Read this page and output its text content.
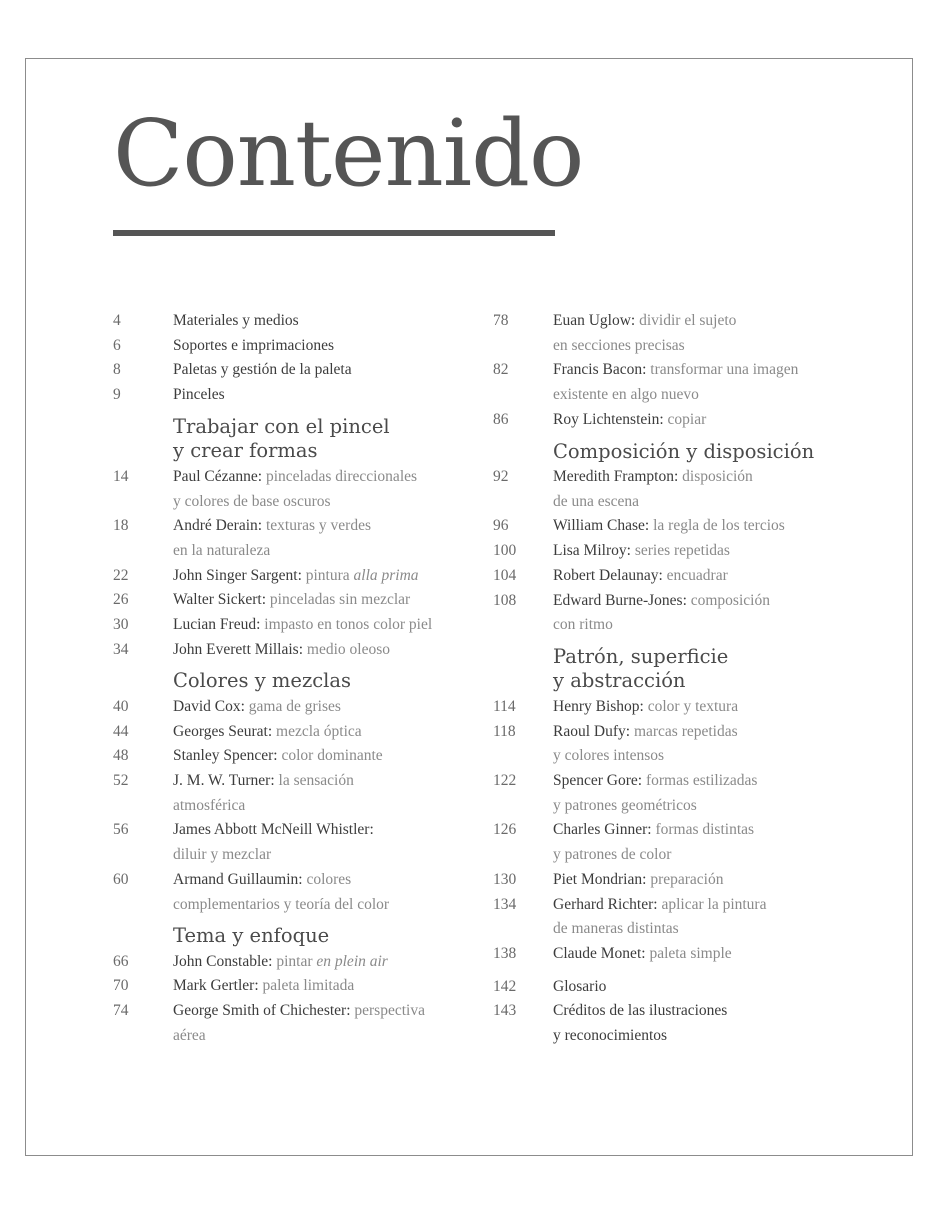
Contenido
4	Materiales y medios
6	Soportes e imprimaciones
8	Paletas y gestión de la paleta
9	Pinceles
Trabajar con el pincel
y crear formas
14	Paul Cézanne: pinceladas direccionales
y colores de base oscuros
18	André Derain: texturas y verdes
en la naturaleza
22	John Singer Sargent: pintura alla prima
26	Walter Sickert: pinceladas sin mezclar
30	Lucian Freud: impasto en tonos color piel
34	John Everett Millais: medio oleoso
Colores y mezclas
40	David Cox: gama de grises
44	Georges Seurat: mezcla óptica
48	Stanley Spencer: color dominante
52	J. M. W. Turner: la sensación
atmosférica
56	James Abbott McNeill Whistler:
diluir y mezclar
60	Armand Guillaumin: colores
complementarios y teoría del color
Tema y enfoque
66	John Constable: pintar en plein air
70	Mark Gertler: paleta limitada
74	George Smith of Chichester: perspectiva
aérea
78	Euan Uglow: dividir el sujeto
en secciones precisas
82	Francis Bacon: transformar una imagen
existente en algo nuevo
86	Roy Lichtenstein: copiar
Composición y disposición
92	Meredith Frampton: disposición
de una escena
96	William Chase: la regla de los tercios
100 Lisa Milroy: series repetidas
104 Robert Delaunay: encuadrar
108 Edward Burne-Jones: composición
con ritmo
Patrón, superficie
y abstracción
114 Henry Bishop: color y textura
118 Raoul Dufy: marcas repetidas
y colores intensos
122 Spencer Gore: formas estilizadas
y patrones geométricos
126 Charles Ginner: formas distintas
y patrones de color
130 Piet Mondrian: preparación
134 Gerhard Richter: aplicar la pintura
de maneras distintas
138 Claude Monet: paleta simple
142 Glosario
143 Créditos de las ilustraciones
y reconocimientos
